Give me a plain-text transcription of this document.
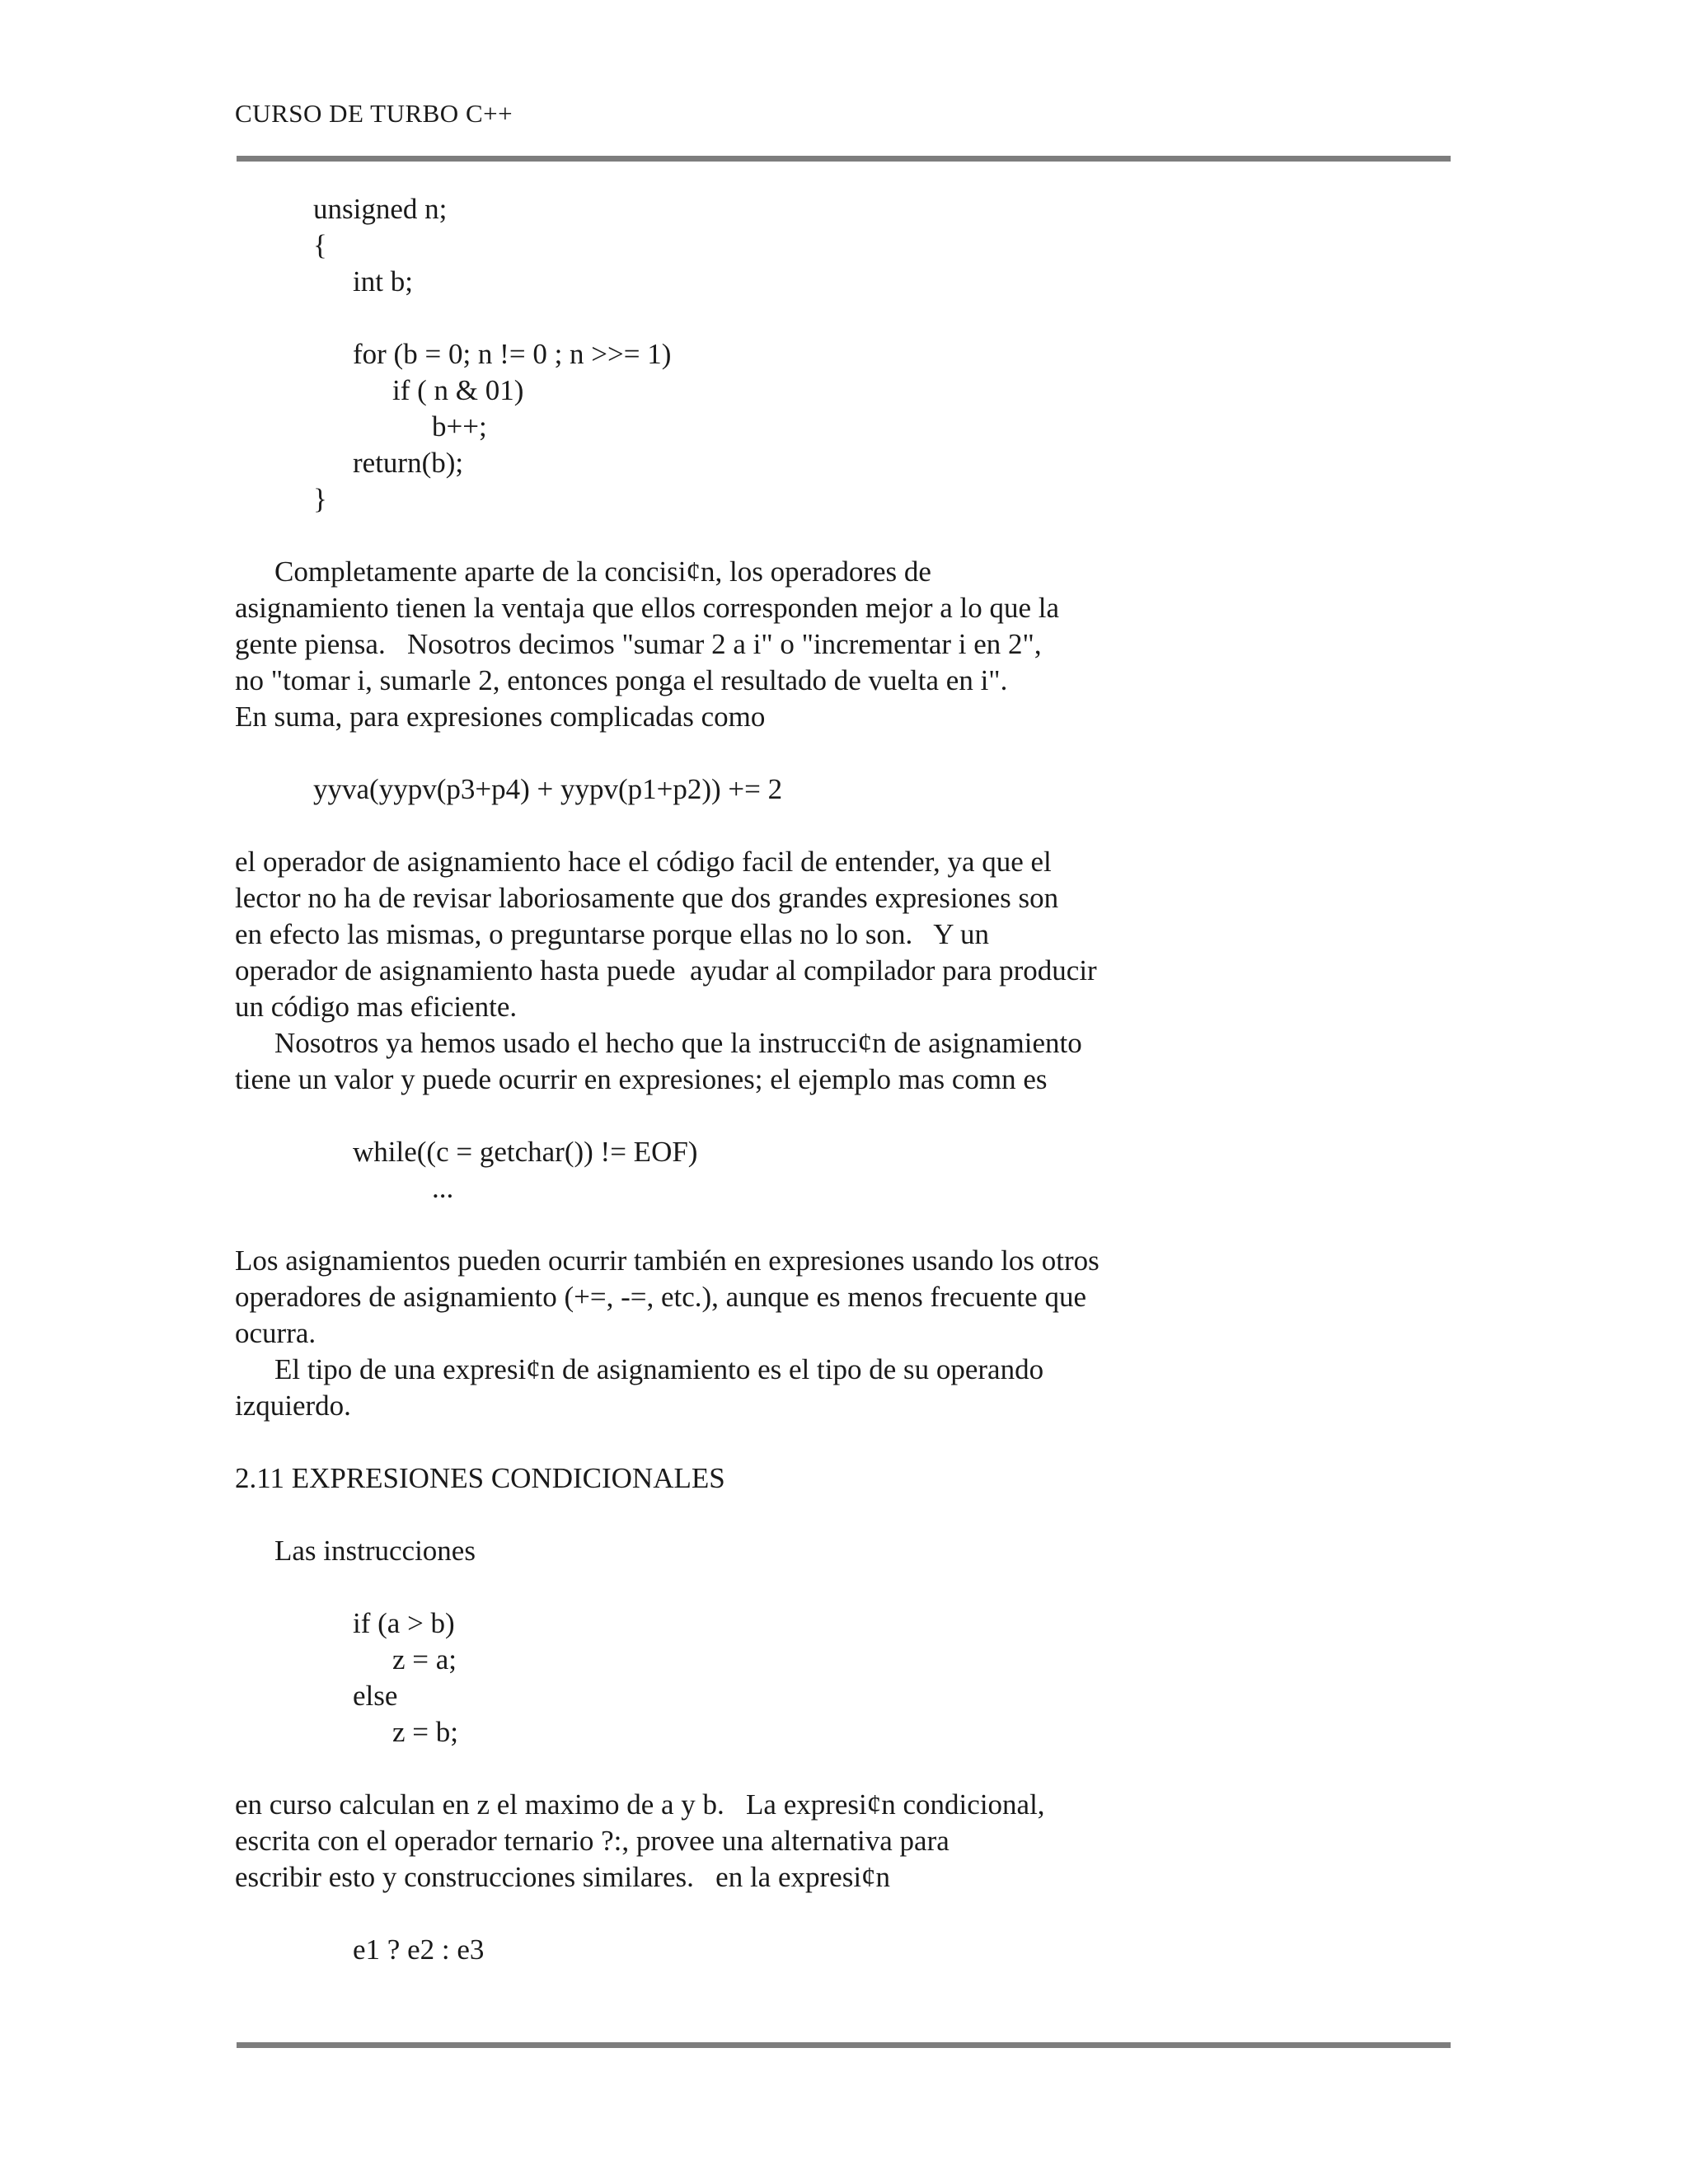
CURSO DE TURBO C++
unsigned n;
{
int b;
for (b = 0; n != 0 ; n >>= 1)
if ( n & 01)
b++;
return(b);
}
Completamente aparte de la concisi¢n, los operadores de
asignamiento tienen la ventaja que ellos corresponden mejor a lo que la
gente piensa.   Nosotros decimos "sumar 2 a i" o "incrementar i en 2",
no "tomar i, sumarle 2, entonces ponga el resultado de vuelta en i".
En suma, para expresiones complicadas como
yyva(yypv(p3+p4) + yypv(p1+p2)) += 2
el operador de asignamiento hace el código facil de entender, ya que el
lector no ha de revisar laboriosamente que dos grandes expresiones son
en efecto las mismas, o preguntarse porque ellas no lo son.   Y un
operador de asignamiento hasta puede  ayudar al compilador para producir
un código mas eficiente.
Nosotros ya hemos usado el hecho que la instrucci¢n de asignamiento
tiene un valor y puede ocurrir en expresiones; el ejemplo mas comn es
while((c = getchar()) != EOF)
...
Los asignamientos pueden ocurrir también en expresiones usando los otros
operadores de asignamiento (+=, -=, etc.), aunque es menos frecuente que
ocurra.
El tipo de una expresi¢n de asignamiento es el tipo de su operando
izquierdo.
2.11 EXPRESIONES CONDICIONALES
Las instrucciones
if (a > b)
z = a;
else
z = b;
en curso calculan en z el maximo de a y b.   La expresi¢n condicional,
escrita con el operador ternario ?:, provee una alternativa para
escribir esto y construcciones similares.   en la expresi¢n
e1 ? e2 : e3
